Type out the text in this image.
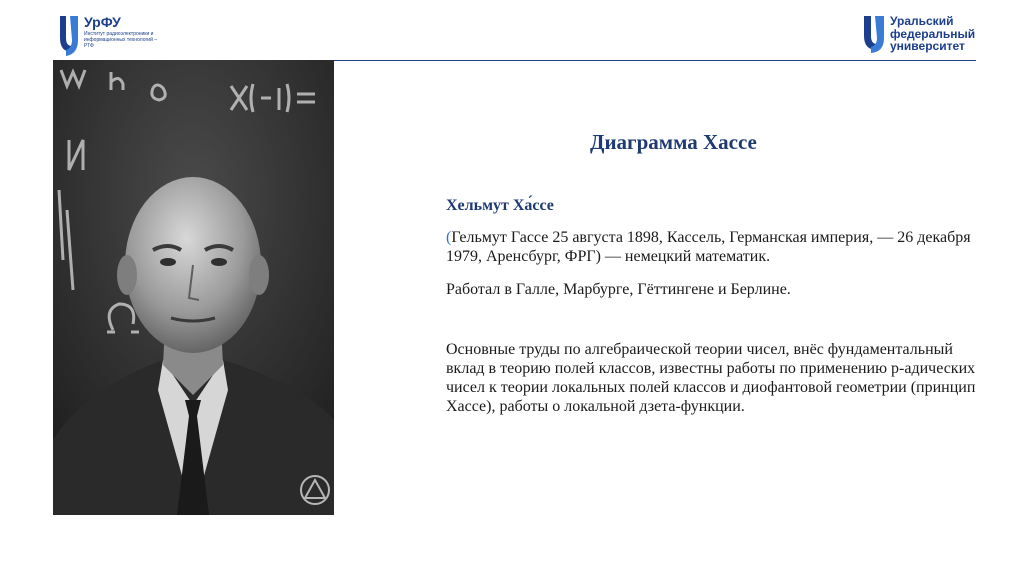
УрФУ
Институт радиоэлектроники и информационных технологий – РТФ
Уральский
федеральный
университет
Диаграмма Хассе
Хельмут Ха́ссе
(Гельмут Гассе 25 августа 1898, Кассель, Германская империя, — 26 декабря 1979, Аренсбург, ФРГ) — немецкий математик.
Работал в Галле, Марбурге, Гёттингене и Берлине.
Основные труды по алгебраической теории чисел, внёс фундаментальный вклад в теорию полей классов, известны работы по применению p-адических чисел к теории локальных полей классов и диофантовой геометрии (принцип Хассе), работы о локальной дзета-функции.
